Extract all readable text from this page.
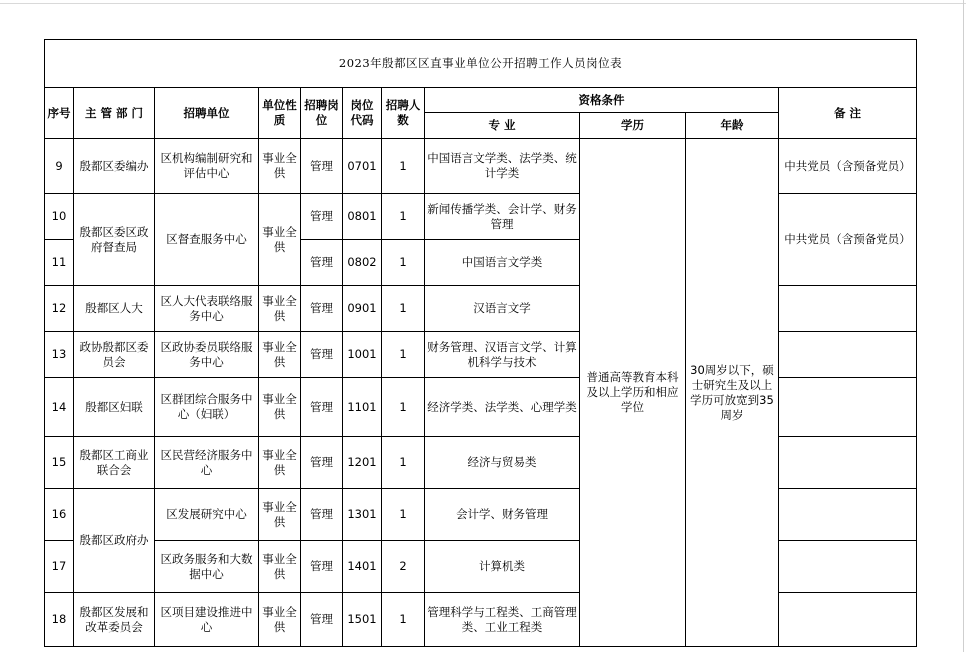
2023年殷都区区直事业单位公开招聘工作人员岗位表										
序号	主 管 部 门	招聘单位	单位性质	招聘岗位	岗位代码	招聘人数	资格条件			备 注
							专 业	学历	年龄	
9	殷都区委编办	区机构编制研究和评估中心	事业全供	管理	0701	1	中国语言文学类、法学类、统计学类	普通高等教育本科及以上学历和相应学位	30周岁以下，硕士研究生及以上学历可放宽到35周岁	中共党员（含预备党员）
10	殷都区委区政府督查局	区督查服务中心	事业全供	管理	0801	1	新闻传播学类、会计学、财务管理			中共党员（含预备党员）
11				管理	0802	1	中国语言文学类			
12	殷都区人大	区人大代表联络服务中心	事业全供	管理	0901	1	汉语言文学			
13	政协殷都区委员会	区政协委员联络服务中心	事业全供	管理	1001	1	财务管理、汉语言文学、计算机科学与技术			
14	殷都区妇联	区群团综合服务中心（妇联）	事业全供	管理	1101	1	经济学类、法学类、心理学类			
15	殷都区工商业联合会	区民营经济服务中心	事业全供	管理	1201	1	经济与贸易类			
16	殷都区政府办	区发展研究中心	事业全供	管理	1301	1	会计学、财务管理			
17		区政务服务和大数据中心	事业全供	管理	1401	2	计算机类			
18	殷都区发展和改革委员会	区项目建设推进中心	事业全供	管理	1501	1	管理科学与工程类、工商管理类、工业工程类			
